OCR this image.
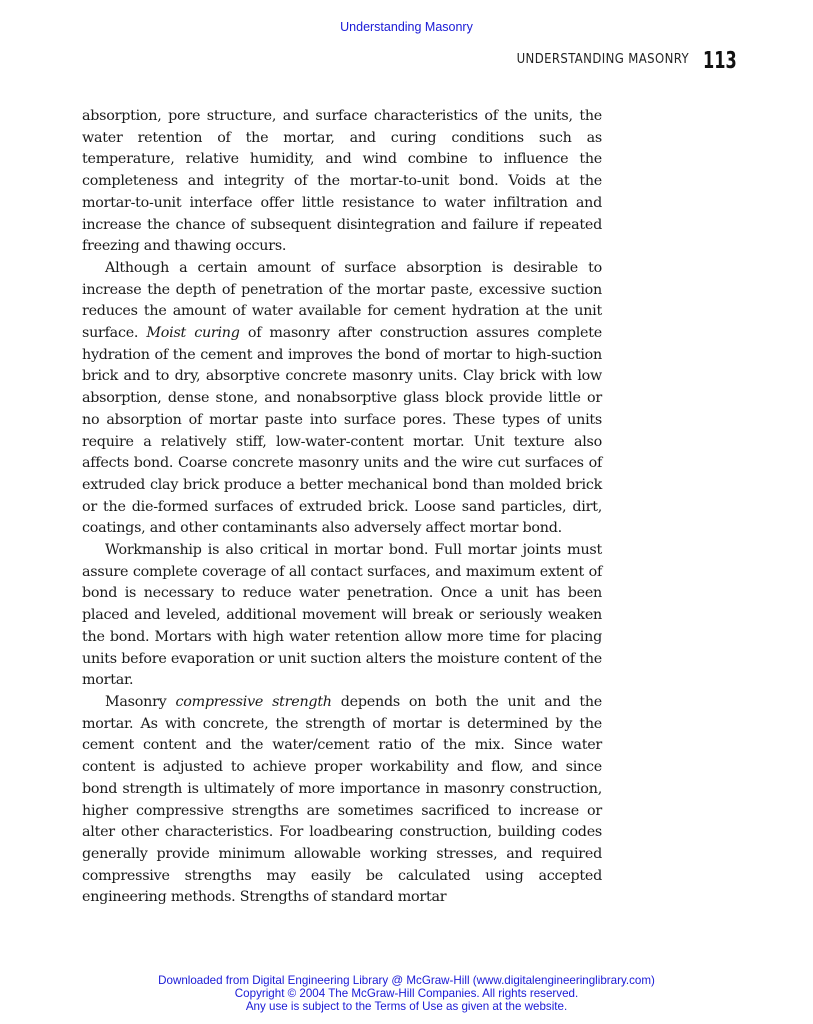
Understanding Masonry
UNDERSTANDING MASONRY 113

absorption, pore structure, and surface characteristics of the units, the water retention of the mortar, and curing conditions such as temperature, relative humidity, and wind combine to influence the completeness and integrity of the mortar-to-unit bond. Voids at the mortar-to-unit interface offer little resistance to water infiltration and increase the chance of subsequent disintegration and failure if repeated freezing and thawing occurs.

Although a certain amount of surface absorption is desirable to increase the depth of penetration of the mortar paste, excessive suction reduces the amount of water available for cement hydration at the unit surface. Moist curing of masonry after construction assures complete hydration of the cement and improves the bond of mortar to high-suction brick and to dry, absorptive concrete masonry units. Clay brick with low absorption, dense stone, and nonabsorptive glass block provide little or no absorption of mortar paste into surface pores. These types of units require a relatively stiff, low-water-content mortar. Unit texture also affects bond. Coarse concrete masonry units and the wire cut surfaces of extruded clay brick produce a better mechanical bond than molded brick or the die-formed surfaces of extruded brick. Loose sand particles, dirt, coatings, and other contaminants also adversely affect mortar bond.

Workmanship is also critical in mortar bond. Full mortar joints must assure complete coverage of all contact surfaces, and maximum extent of bond is necessary to reduce water penetration. Once a unit has been placed and leveled, additional movement will break or seriously weaken the bond. Mortars with high water retention allow more time for placing units before evaporation or unit suction alters the moisture content of the mortar.

Masonry compressive strength depends on both the unit and the mortar. As with concrete, the strength of mortar is determined by the cement content and the water/cement ratio of the mix. Since water content is adjusted to achieve proper workability and flow, and since bond strength is ultimately of more importance in masonry construction, higher compressive strengths are sometimes sacrificed to increase or alter other characteristics. For loadbearing construction, building codes generally provide minimum allowable working stresses, and required compressive strengths may easily be calculated using accepted engineering methods. Strengths of standard mortar

Downloaded from Digital Engineering Library @ McGraw-Hill (www.digitalengineeringlibrary.com)
Copyright © 2004 The McGraw-Hill Companies. All rights reserved.
Any use is subject to the Terms of Use as given at the website.
